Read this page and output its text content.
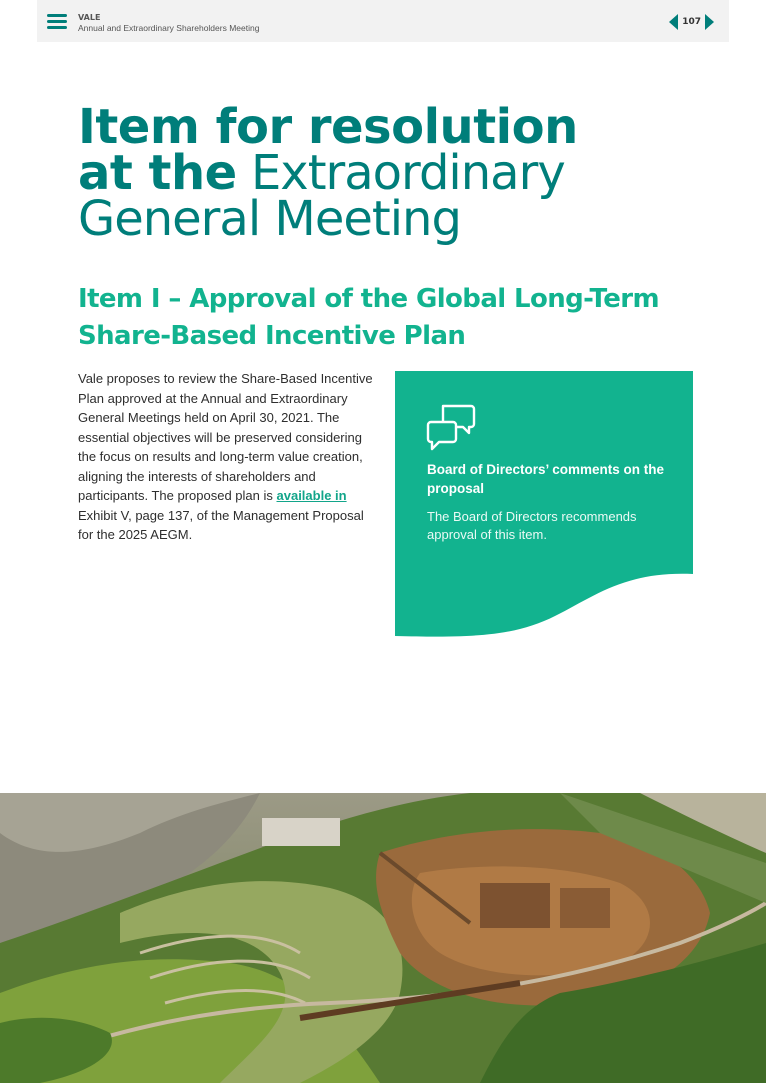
VALE
Annual and Extraordinary Shareholders Meeting
107
Item for resolution
at the Extraordinary
General Meeting
Item I – Approval of the Global Long-Term
Share-Based Incentive Plan
Vale proposes to review the Share-Based Incentive Plan approved at the Annual and Extraordinary General Meetings held on April 30, 2021. The essential objectives will be preserved considering the focus on results and long-term value creation, aligning the interests of shareholders and participants. The proposed plan is available in Exhibit V, page 137, of the Management Proposal for the 2025 AEGM.
Board of Directors’ comments on the proposal
The Board of Directors recommends approval of this item.
